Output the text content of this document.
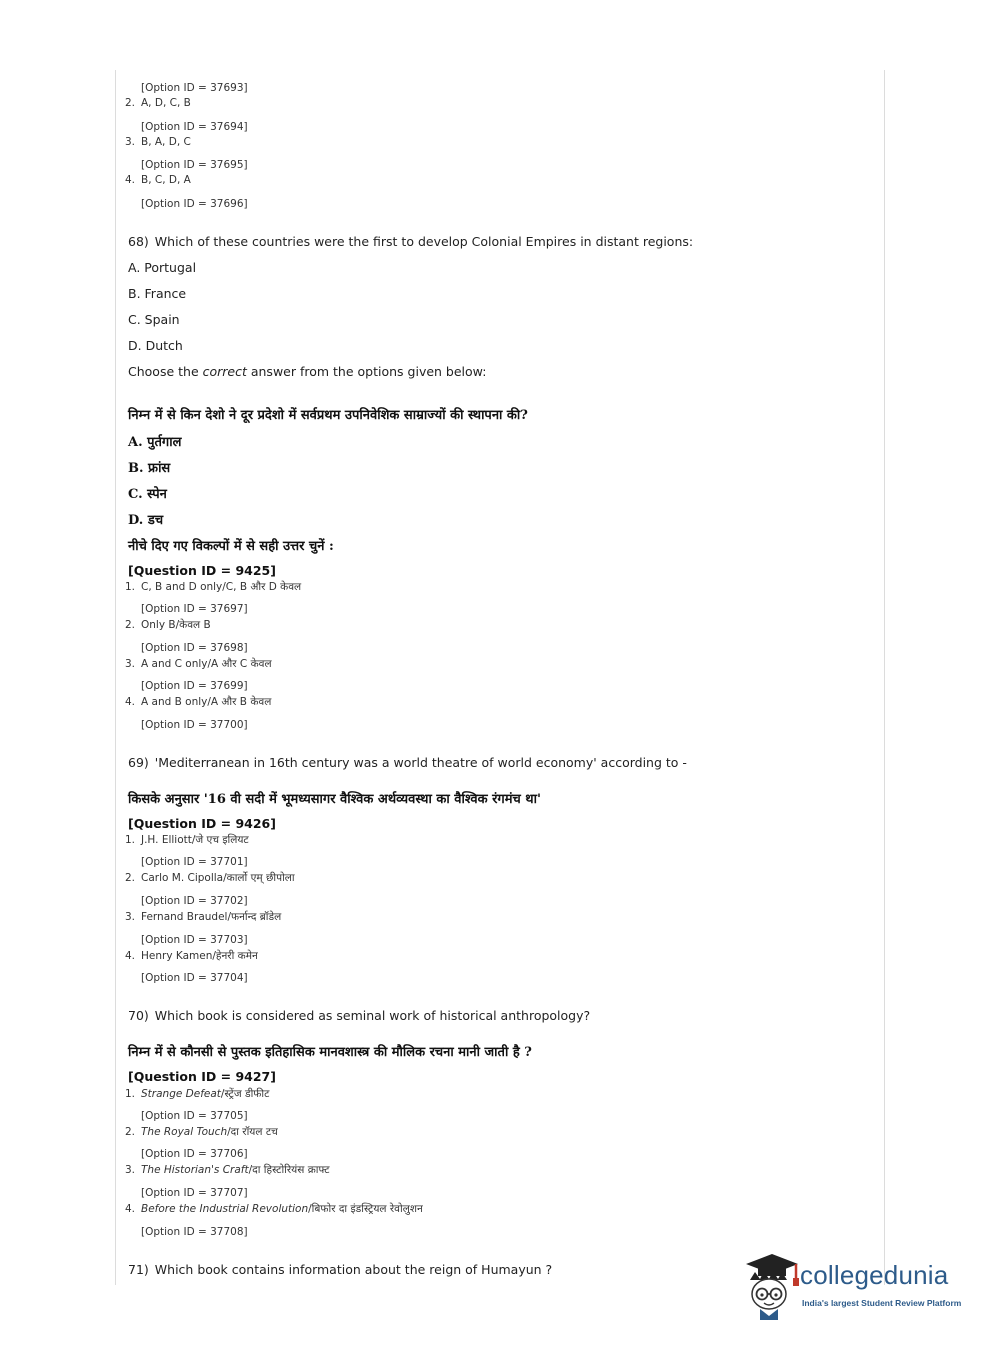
[Option ID = 37693]
2. A, D, C, B
[Option ID = 37694]
3. B, A, D, C
[Option ID = 37695]
4. B, C, D, A
[Option ID = 37696]
68) Which of these countries were the first to develop Colonial Empires in distant regions:
A. Portugal
B. France
C. Spain
D. Dutch
Choose the correct answer from the options given below:
निम्न में से किन देशो ने दूर प्रदेशो में सर्वप्रथम उपनिवेशिक साम्राज्यों की स्थापना की?
A. पुर्तगाल
B. फ्रांस
C. स्पेन
D. डच
नीचे दिए गए विकल्पों में से सही उत्तर चुनें :
[Question ID = 9425]
1. C, B and D only/C, B और D केवल
[Option ID = 37697]
2. Only B/केवल B
[Option ID = 37698]
3. A and C only/A और C केवल
[Option ID = 37699]
4. A and B only/A और B केवल
[Option ID = 37700]
69) 'Mediterranean in 16th century was a world theatre of world economy' according to -
किसके अनुसार '16 वी सदी में भूमध्यसागर वैश्विक अर्थव्यवस्था का वैश्विक रंगमंच था'
[Question ID = 9426]
1. J.H. Elliott/जे एच इलियट
[Option ID = 37701]
2. Carlo M. Cipolla/कार्लो एम् छीपोला
[Option ID = 37702]
3. Fernand Braudel/फर्नान्द ब्रॉडेल
[Option ID = 37703]
4. Henry Kamen/हेनरी कमेन
[Option ID = 37704]
70) Which book is considered as seminal work of historical anthropology?
निम्न में से कौनसी से पुस्तक इतिहासिक मानवशास्त्र की मौलिक रचना मानी जाती है ?
[Question ID = 9427]
1. Strange Defeat/स्ट्रेंज डीफीट
[Option ID = 37705]
2. The Royal Touch/दा रॉयल टच
[Option ID = 37706]
3. The Historian's Craft/दा हिस्टोरियंस क्राफ्ट
[Option ID = 37707]
4. Before the Industrial Revolution/बिफोर दा इंडस्ट्रियल रेवोलुशन
[Option ID = 37708]
71) Which book contains information about the reign of Humayun ?	collegedunia
India's largest Student Review Platform
